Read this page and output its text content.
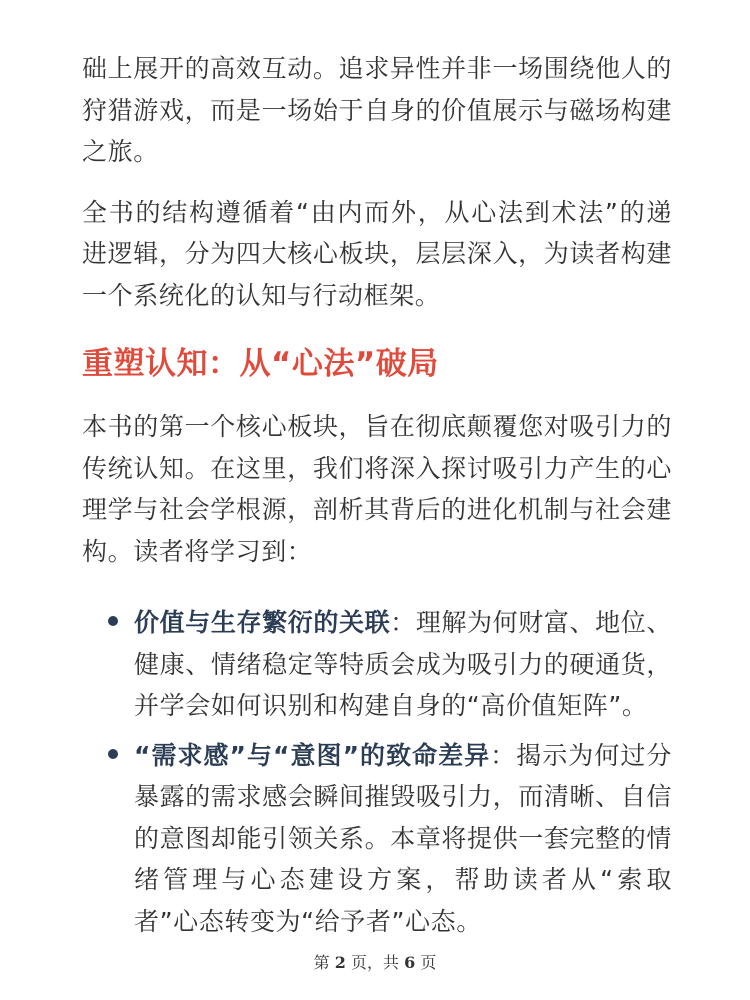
础上展开的高效互动。追求异性并非一场围绕他人的狩猎游戏，而是一场始于自身的价值展示与磁场构建之旅。

全书的结构遵循着“由内而外，从心法到术法”的递进逻辑，分为四大核心板块，层层深入，为读者构建一个系统化的认知与行动框架。

重塑认知：从“心法”破局

本书的第一个核心板块，旨在彻底颠覆您对吸引力的传统认知。在这里，我们将深入探讨吸引力产生的心理学与社会学根源，剖析其背后的进化机制与社会建构。读者将学习到：

价值与生存繁衍的关联：理解为何财富、地位、健康、情绪稳定等特质会成为吸引力的硬通货，并学会如何识别和构建自身的“高价值矩阵”。
“需求感”与“意图”的致命差异：揭示为何过分暴露的需求感会瞬间摧毁吸引力，而清晰、自信的意图却能引领关系。本章将提供一套完整的情绪管理与心态建设方案，帮助读者从“索取者”心态转变为“给予者”心态。
第 2 页，共 6 页
